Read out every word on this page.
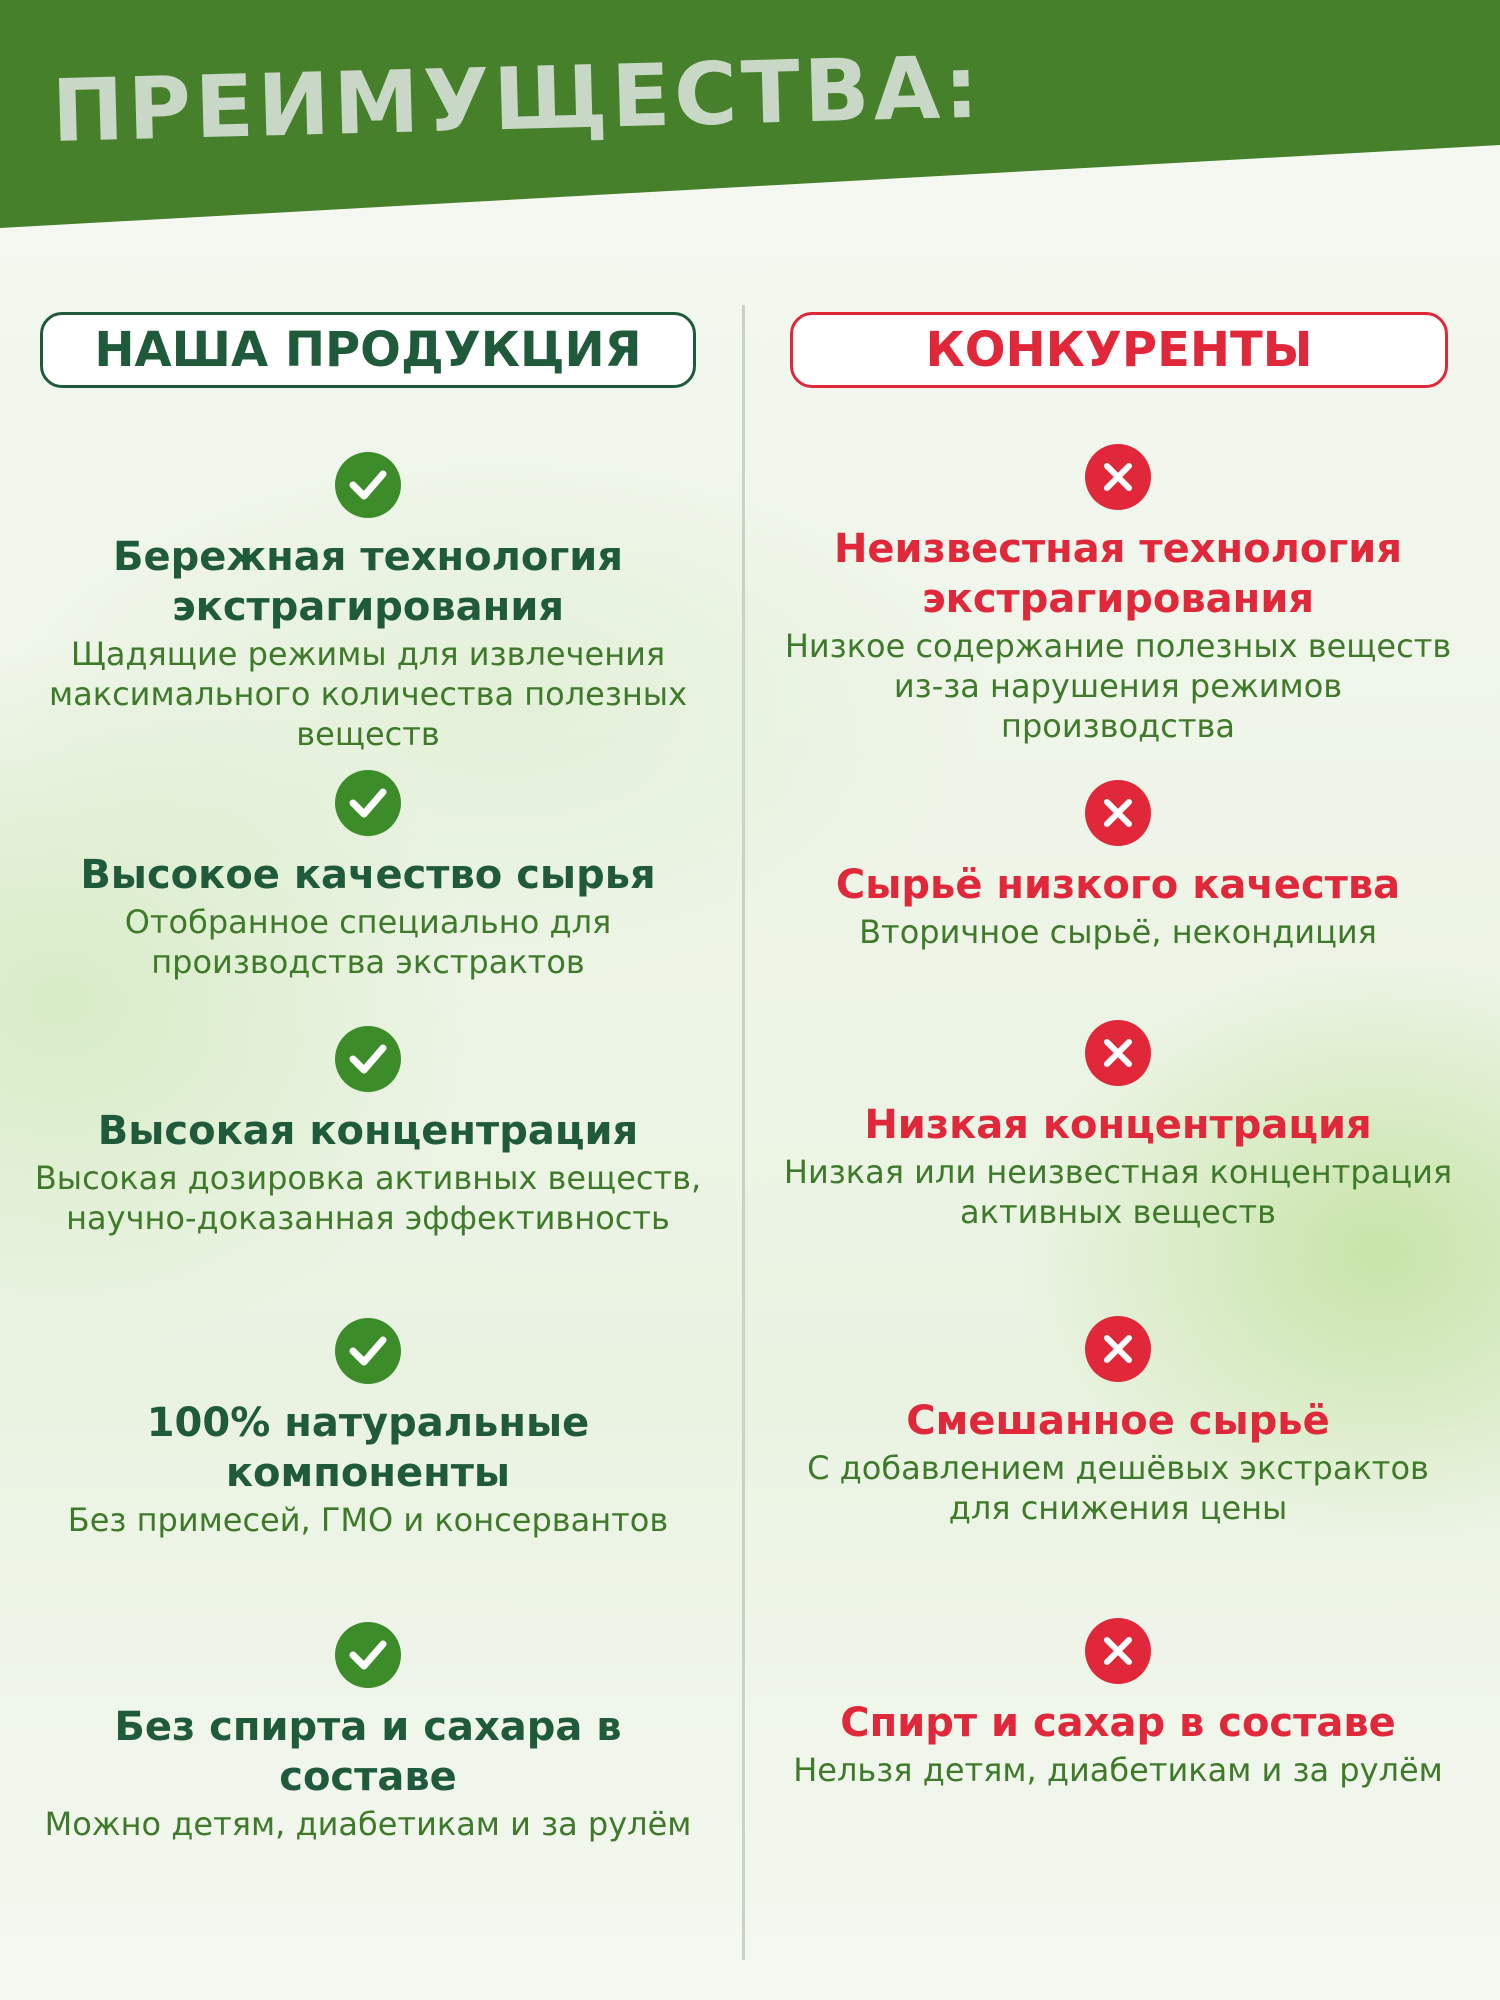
ПРЕИМУЩЕСТВА:
НАША ПРОДУКЦИЯ	КОНКУРЕНТЫ
Бережная технология экстрагирования
Щадящие режимы для извлечения максимального количества полезных веществ
Высокое качество сырья
Отобранное специально для производства экстрактов
Высокая концентрация
Высокая дозировка активных веществ, научно-доказанная эффективность
100% натуральные компоненты
Без примесей, ГМО и консервантов
Без спирта и сахара в составе
Можно детям, диабетикам и за рулём
Неизвестная технология экстрагирования
Низкое содержание полезных веществ из-за нарушения режимов производства
Сырьё низкого качества
Вторичное сырьё, некондиция
Низкая концентрация
Низкая или неизвестная концентрация активных веществ
Смешанное сырьё
С добавлением дешёвых экстрактов для снижения цены
Спирт и сахар в составе
Нельзя детям, диабетикам и за рулём
